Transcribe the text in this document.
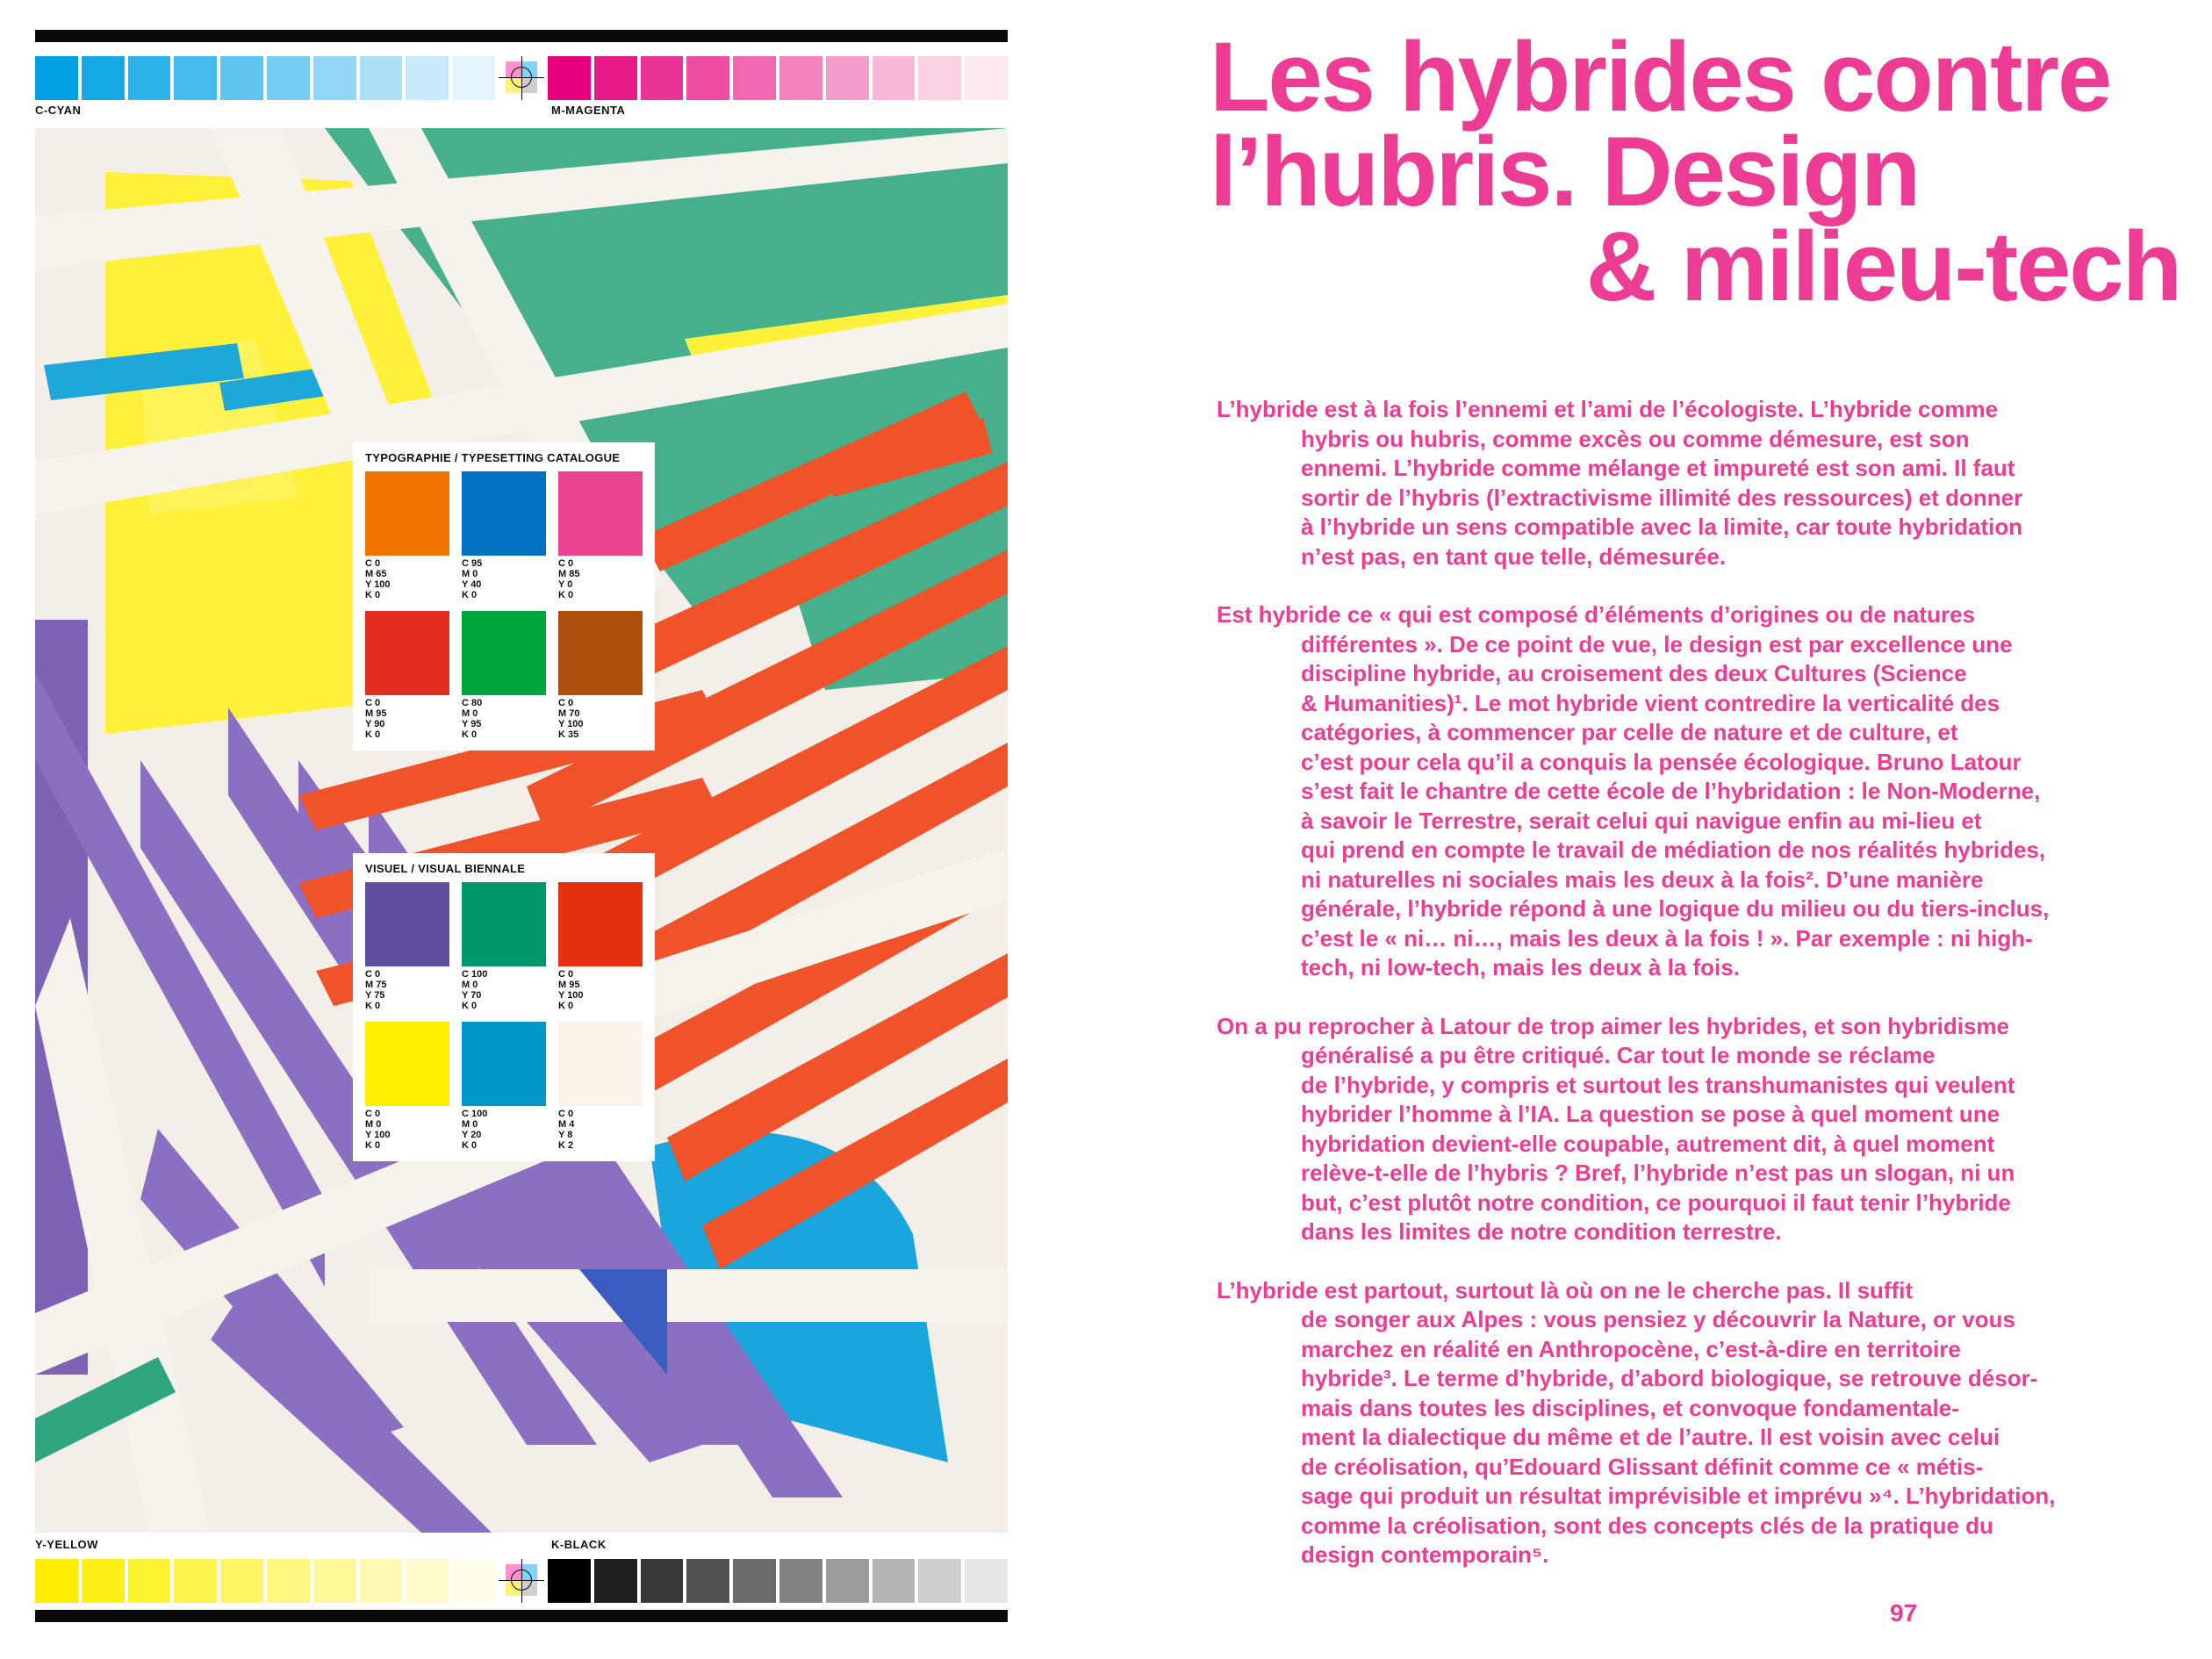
C-CYAN	M-MAGENTA
TYPOGRAPHIE / TYPESETTING CATALOGUE
C 0
M 65
Y 100
K 0
C 95
M 0
Y 40
K 0
C 0
M 85
Y 0
K 0
C 0
M 95
Y 90
K 0
C 80
M 0
Y 95
K 0
C 0
M 70
Y 100
K 35
VISUEL / VISUAL BIENNALE
C 0
M 75
Y 75
K 0
C 100
M 0
Y 70
K 0
C 0
M 95
Y 100
K 0
C 0
M 0
Y 100
K 0
C 100
M 0
Y 20
K 0
C 0
M 4
Y 8
K 2
Y-YELLOW	K-BLACK
Les hybrides contre
l’hubris. Design
& milieu-tech
L’hybride est à la fois l’ennemi et l’ami de l’écologiste. L’hybride comme
hybris ou hubris, comme excès ou comme démesure, est son
ennemi. L’hybride comme mélange et impureté est son ami. Il faut
sortir de l’hybris (l’extractivisme illimité des ressources) et donner
à l’hybride un sens compatible avec la limite, car toute hybridation
n’est pas, en tant que telle, démesurée.
Est hybride ce « qui est composé d’éléments d’origines ou de natures
différentes ». De ce point de vue, le design est par excellence une
discipline hybride, au croisement des deux Cultures (Science
& Humanities)¹. Le mot hybride vient contredire la verticalité des
catégories, à commencer par celle de nature et de culture, et
c’est pour cela qu’il a conquis la pensée écologique. Bruno Latour
s’est fait le chantre de cette école de l’hybridation : le Non-Moderne,
à savoir le Terrestre, serait celui qui navigue enfin au mi-lieu et
qui prend en compte le travail de médiation de nos réalités hybrides,
ni naturelles ni sociales mais les deux à la fois². D’une manière
générale, l’hybride répond à une logique du milieu ou du tiers-inclus,
c’est le « ni… ni…, mais les deux à la fois ! ». Par exemple : ni high-
tech, ni low-tech, mais les deux à la fois.
On a pu reprocher à Latour de trop aimer les hybrides, et son hybridisme
généralisé a pu être critiqué. Car tout le monde se réclame
de l’hybride, y compris et surtout les transhumanistes qui veulent
hybrider l’homme à l’IA. La question se pose à quel moment une
hybridation devient-elle coupable, autrement dit, à quel moment
relève-t-elle de l’hybris ? Bref, l’hybride n’est pas un slogan, ni un
but, c’est plutôt notre condition, ce pourquoi il faut tenir l’hybride
dans les limites de notre condition terrestre.
L’hybride est partout, surtout là où on ne le cherche pas. Il suffit
de songer aux Alpes : vous pensiez y découvrir la Nature, or vous
marchez en réalité en Anthropocène, c’est-à-dire en territoire
hybride³. Le terme d’hybride, d’abord biologique, se retrouve désor-
mais dans toutes les disciplines, et convoque fondamentale-
ment la dialectique du même et de l’autre. Il est voisin avec celui
de créolisation, qu’Edouard Glissant définit comme ce « métis-
sage qui produit un résultat imprévisible et imprévu »⁴. L’hybridation,
comme la créolisation, sont des concepts clés de la pratique du
design contemporain⁵.
97
